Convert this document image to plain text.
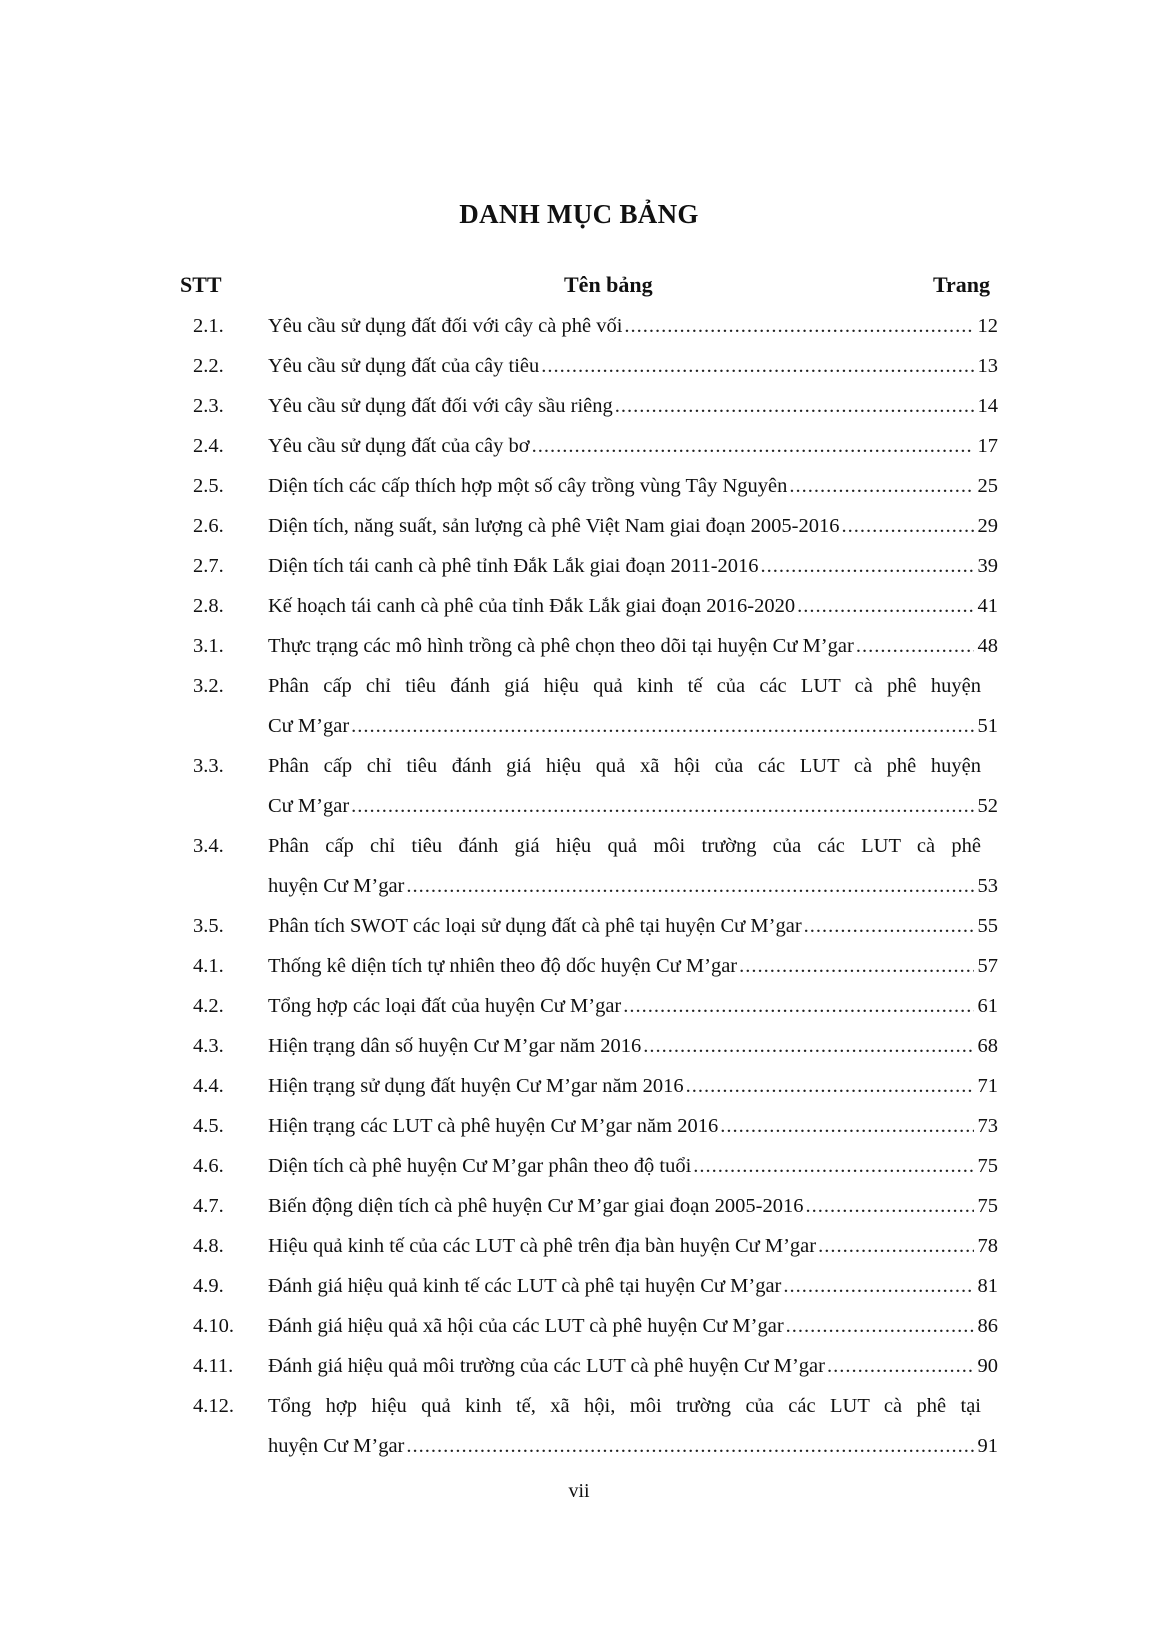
DANH MỤC BẢNG
STT	Tên bảng	Trang
2.1.	Yêu cầu sử dụng đất đối với cây cà phê vối .....	12
2.2.	Yêu cầu sử dụng đất của cây tiêu .....	13
2.3.	Yêu cầu sử dụng đất đối với cây sầu riêng .....	14
2.4.	Yêu cầu sử dụng đất của cây bơ .....	17
2.5.	Diện tích các cấp thích hợp một số cây trồng vùng Tây Nguyên .....	25
2.6.	Diện tích, năng suất, sản lượng cà phê Việt Nam giai đoạn 2005-2016 .....	29
2.7.	Diện tích tái canh cà phê tỉnh Đắk Lắk giai đoạn 2011-2016 .....	39
2.8.	Kế hoạch tái canh cà phê của tỉnh Đắk Lắk giai đoạn 2016-2020 .....	41
3.1.	Thực trạng các mô hình trồng cà phê chọn theo dõi tại huyện Cư M’gar .....	48
3.2.	Phân cấp chỉ tiêu đánh giá hiệu quả kinh tế của các LUT cà phê huyện
Cư M’gar .....	51
3.3.	Phân cấp chỉ tiêu đánh giá hiệu quả xã hội của các LUT cà phê huyện
Cư M’gar .....	52
3.4.	Phân cấp chỉ tiêu đánh giá hiệu quả môi trường của các LUT cà phê
huyện Cư M’gar .....	53
3.5.	Phân tích SWOT các loại sử dụng đất cà phê tại huyện Cư M’gar .....	55
4.1.	Thống kê diện tích tự nhiên theo độ dốc huyện Cư M’gar .....	57
4.2.	Tổng hợp các loại đất của huyện Cư M’gar .....	61
4.3.	Hiện trạng dân số huyện Cư M’gar năm 2016 .....	68
4.4.	Hiện trạng sử dụng đất huyện Cư M’gar năm 2016 .....	71
4.5.	Hiện trạng các LUT cà phê huyện Cư M’gar năm 2016 .....	73
4.6.	Diện tích cà phê huyện Cư M’gar phân theo độ tuổi .....	75
4.7.	Biến động diện tích cà phê huyện Cư M’gar giai đoạn 2005-2016 .....	75
4.8.	Hiệu quả kinh tế của các LUT cà phê trên địa bàn huyện Cư M’gar .....	78
4.9.	Đánh giá hiệu quả kinh tế các LUT cà phê tại huyện Cư M’gar .....	81
4.10.	Đánh giá hiệu quả xã hội của các LUT cà phê huyện Cư M’gar .....	86
4.11.	Đánh giá hiệu quả môi trường của các LUT cà phê huyện Cư M’gar .....	90
4.12.	Tổng hợp hiệu quả kinh tế, xã hội, môi trường của các LUT cà phê tại
huyện Cư M’gar .....	91
vii
